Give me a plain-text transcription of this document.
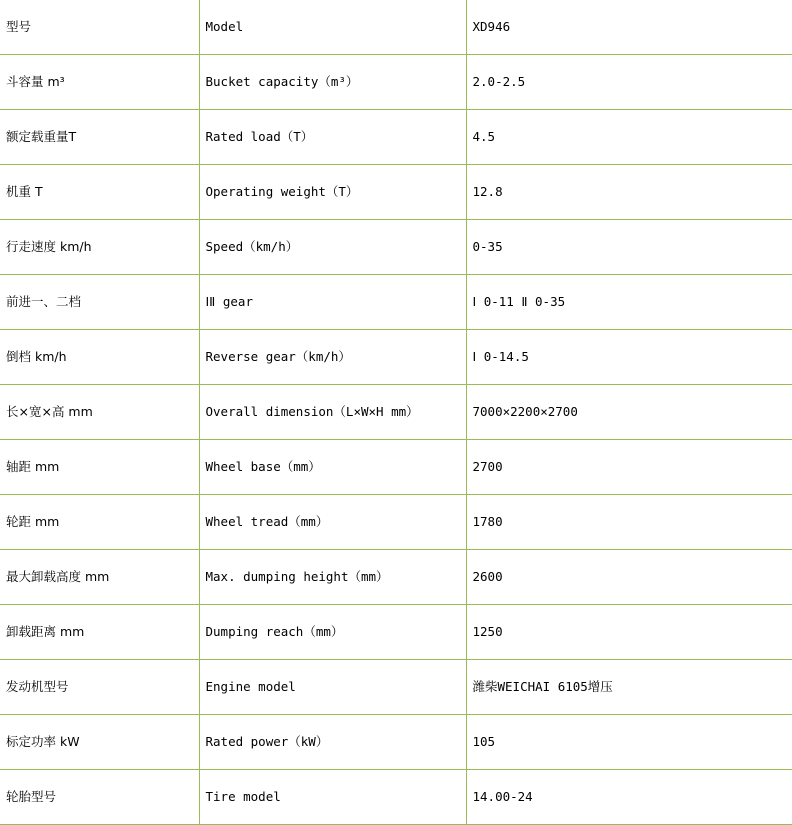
型号	Model	XD946
斗容量 m³	Bucket capacity（m³）	2.0-2.5
额定载重量T	Rated load（T）	4.5
机重 T	Operating weight（T）	12.8
行走速度 km/h	Speed（km/h）	0-35
前进一、二档	ⅠⅡ gear	Ⅰ 0-11 Ⅱ 0-35
倒档 km/h	Reverse gear（km/h）	Ⅰ 0-14.5
长×宽×高 mm	Overall dimension（L×W×H mm）	7000×2200×2700
轴距 mm	Wheel base（mm）	2700
轮距 mm	Wheel tread（mm）	1780
最大卸载高度 mm	Max. dumping height（mm）	2600
卸载距离 mm	Dumping reach（mm）	1250
发动机型号	Engine model	潍柴WEICHAI 6105增压
标定功率 kW	Rated power（kW）	105
轮胎型号	Tire model	14.00-24
